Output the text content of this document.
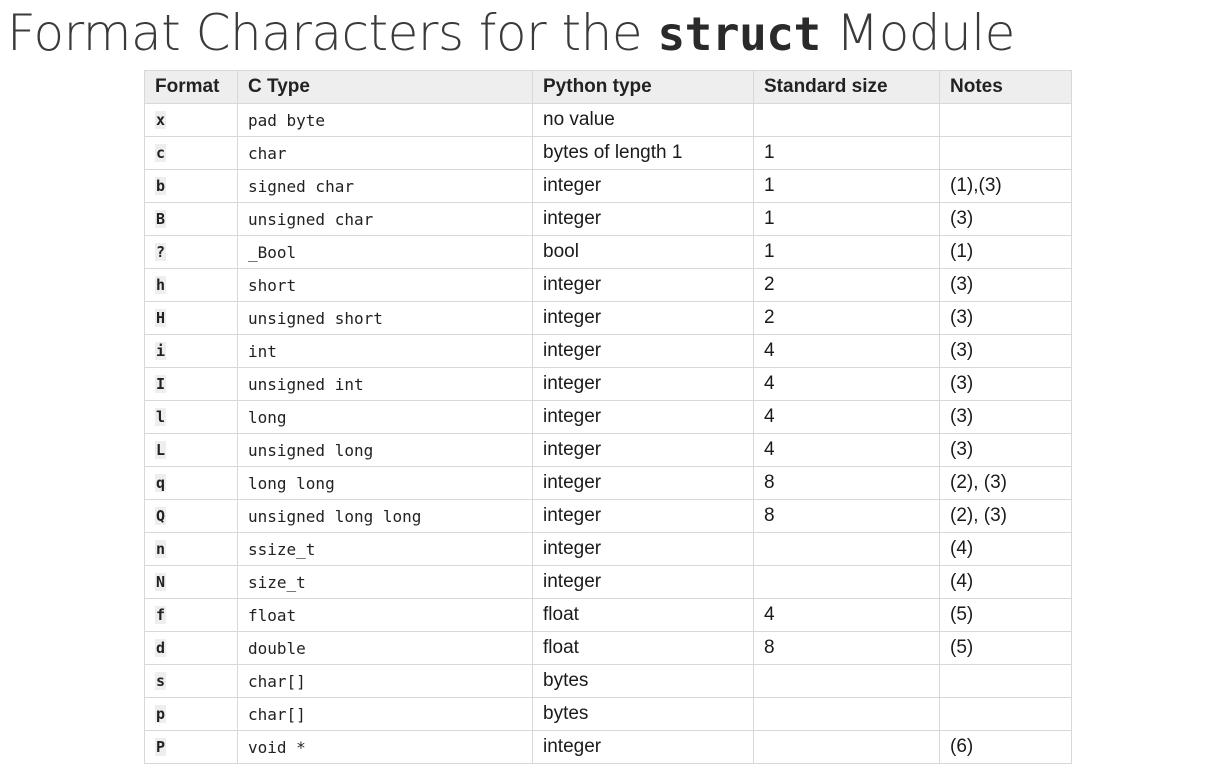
Format Characters for the struct Module
Format	C Type	Python type	Standard size	Notes
x	pad byte	no value		
c	char	bytes of length 1	1	
b	signed char	integer	1	(1),(3)
B	unsigned char	integer	1	(3)
?	_Bool	bool	1	(1)
h	short	integer	2	(3)
H	unsigned short	integer	2	(3)
i	int	integer	4	(3)
I	unsigned int	integer	4	(3)
l	long	integer	4	(3)
L	unsigned long	integer	4	(3)
q	long long	integer	8	(2), (3)
Q	unsigned long long	integer	8	(2), (3)
n	ssize_t	integer		(4)
N	size_t	integer		(4)
f	float	float	4	(5)
d	double	float	8	(5)
s	char[]	bytes		
p	char[]	bytes		
P	void *	integer		(6)
